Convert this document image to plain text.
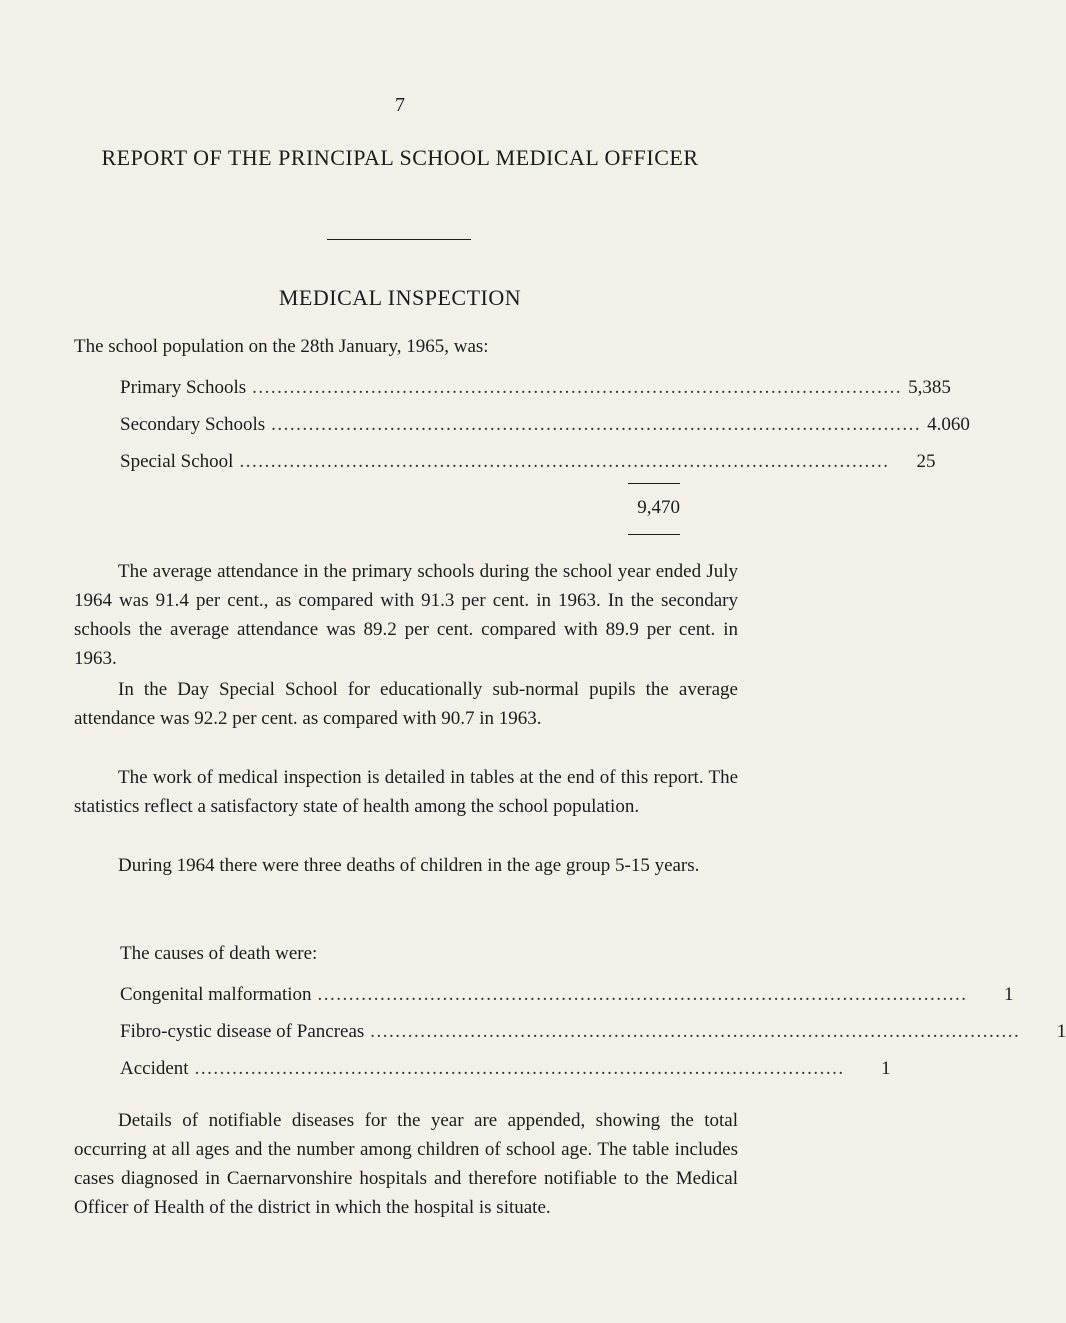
7
REPORT OF THE PRINCIPAL SCHOOL MEDICAL OFFICER
MEDICAL INSPECTION
The school population on the 28th January, 1965, was:
Primary Schools ........................................................................................................ 5,385
Secondary Schools ........................................................................................................ 4.060
Special School ........................................................................................................	25
9,470
The average attendance in the primary schools during the school year ended July 1964 was 91.4 per cent., as compared with 91.3 per cent. in 1963. In the secondary schools the average attendance was 89.2 per cent. compared with 89.9 per cent. in 1963.
In the Day Special School for educationally sub-normal pupils the average attendance was 92.2 per cent. as compared with 90.7 in 1963.
The work of medical inspection is detailed in tables at the end of this report. The statistics reflect a satisfactory state of health among the school population.
During 1964 there were three deaths of children in the age group 5-15 years.
The causes of death were:
Congenital malformation ........................................................................................................	1
Fibro-cystic disease of Pancreas ........................................................................................................	1
Accident ........................................................................................................	1
Details of notifiable diseases for the year are appended, showing the total occurring at all ages and the number among children of school age. The table includes cases diagnosed in Caernarvonshire hospitals and therefore notifiable to the Medical Officer of Health of the district in which the hospital is situate.
